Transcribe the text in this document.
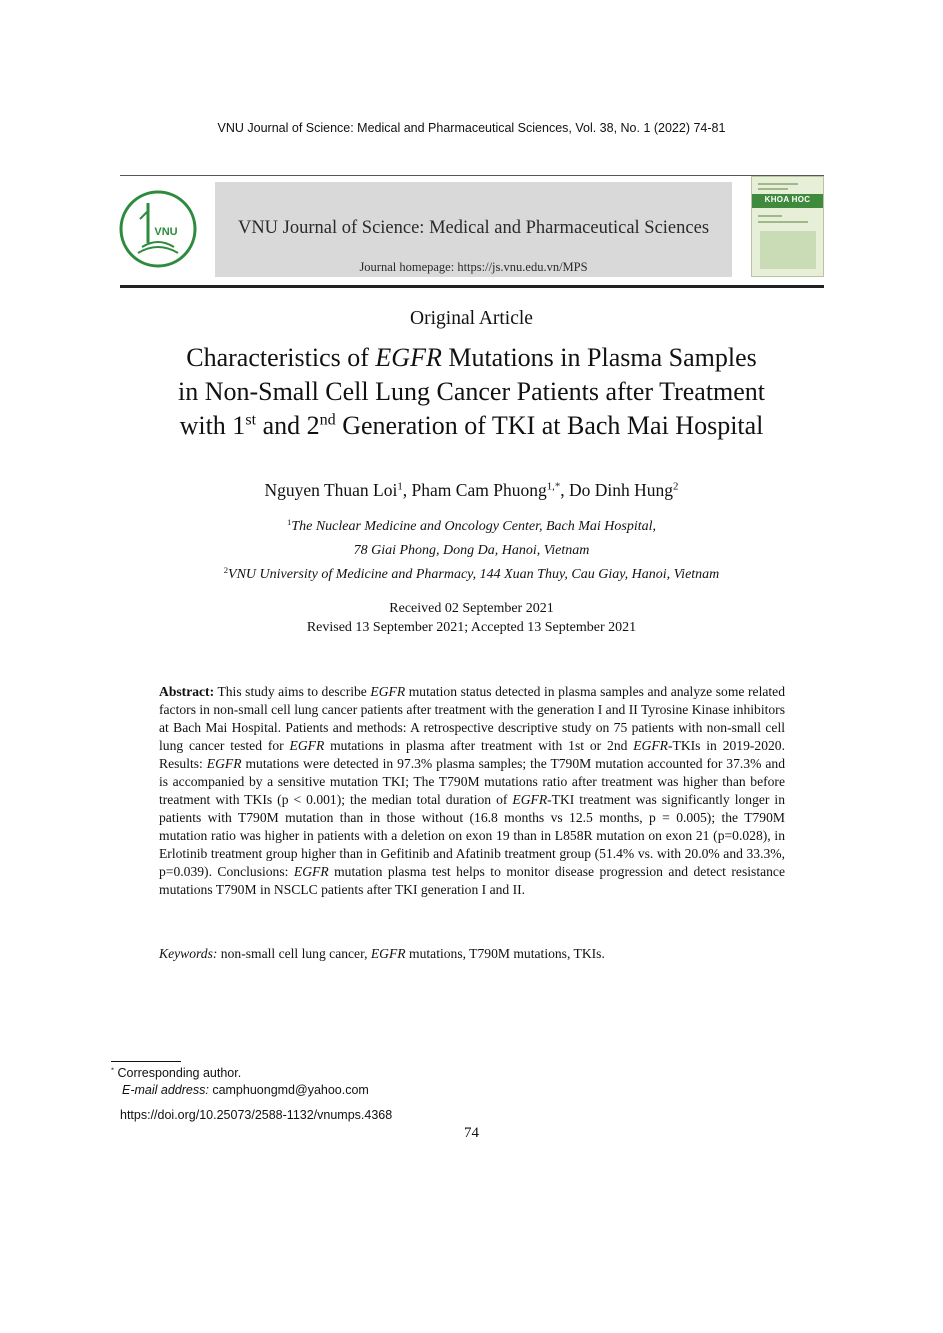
VNU Journal of Science: Medical and Pharmaceutical Sciences, Vol. 38, No. 1 (2022) 74-81
VNU	VNU Journal of Science: Medical and Pharmaceutical Sciences
Journal homepage: https://js.vnu.edu.vn/MPS
KHOA HOC
Original Article
Characteristics of EGFR Mutations in Plasma Samples
in Non-Small Cell Lung Cancer Patients after Treatment
with 1st and 2nd Generation of TKI at Bach Mai Hospital
Nguyen Thuan Loi$^1$, Pham Cam Phuong$^{1,*}$, Do Dinh Hung$^2$
$^1$The Nuclear Medicine and Oncology Center, Bach Mai Hospital,
78 Giai Phong, Dong Da, Hanoi, Vietnam
$^2$VNU University of Medicine and Pharmacy, 144 Xuan Thuy, Cau Giay, Hanoi, Vietnam
Received 02 September 2021
Revised 13 September 2021; Accepted 13 September 2021
Abstract: This study aims to describe EGFR mutation status detected in plasma samples and analyze some related factors in non-small cell lung cancer patients after treatment with the generation I and II Tyrosine Kinase inhibitors at Bach Mai Hospital. Patients and methods: A retrospective descriptive study on 75 patients with non-small cell lung cancer tested for EGFR mutations in plasma after treatment with 1st or 2nd EGFR-TKIs in 2019-2020. Results: EGFR mutations were detected in 97.3% plasma samples; the T790M mutation accounted for 37.3% and is accompanied by a sensitive mutation TKI; The T790M mutations ratio after treatment was higher than before treatment with TKIs (p < 0.001); the median total duration of EGFR-TKI treatment was significantly longer in patients with T790M mutation than in those without (16.8 months vs 12.5 months, p = 0.005); the T790M mutation ratio was higher in patients with a deletion on exon 19 than in L858R mutation on exon 21 (p=0.028), in Erlotinib treatment group higher than in Gefitinib and Afatinib treatment group (51.4% vs. with 20.0% and 33.3%, p=0.039). Conclusions: EGFR mutation plasma test helps to monitor disease progression and detect resistance mutations T790M in NSCLC patients after TKI generation I and II.
Keywords: non-small cell lung cancer, EGFR mutations, T790M mutations, TKIs.
* Corresponding author.
E-mail address: camphuongmd@yahoo.com
https://doi.org/10.25073/2588-1132/vnumps.4368
74
